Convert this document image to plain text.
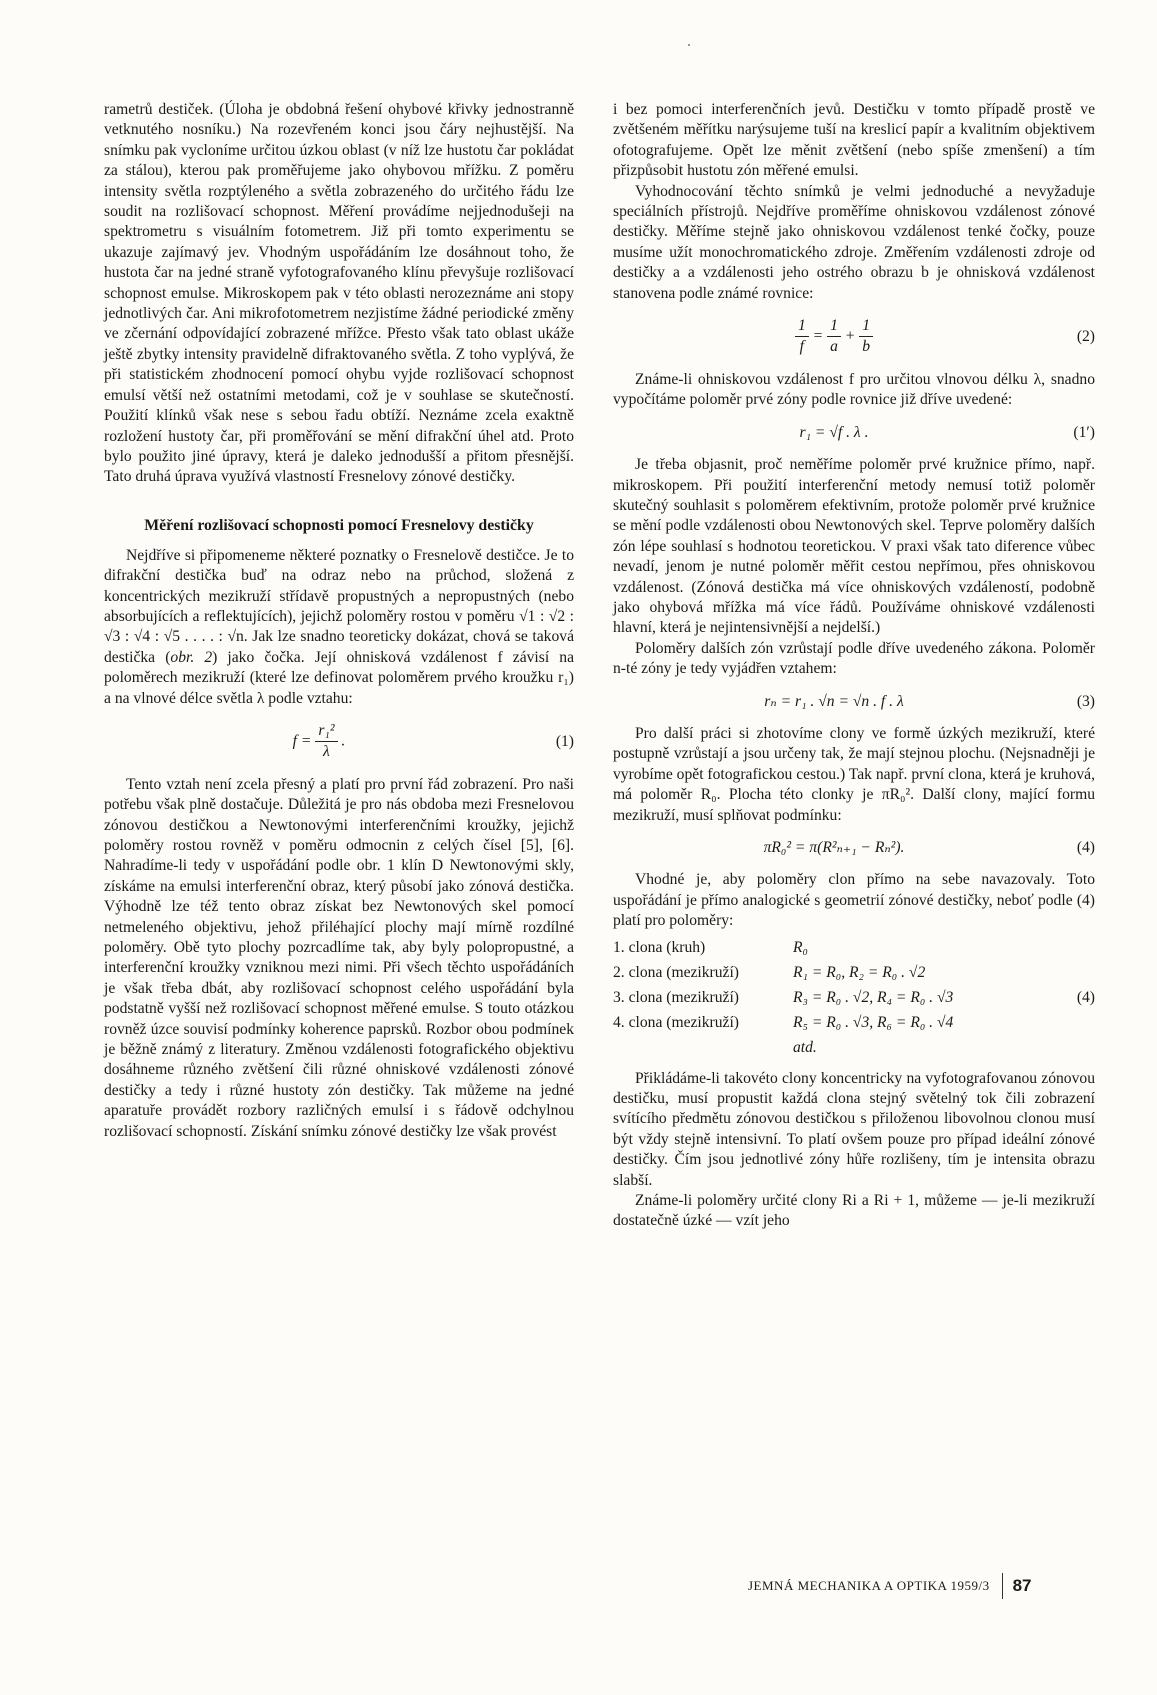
rametrů destiček. (Úloha je obdobná řešení ohybové křivky jednostranně vetknutého nosníku.) Na rozevřeném konci jsou čáry nejhustější. Na snímku pak vycloníme určitou úzkou oblast (v níž lze hustotu čar pokládat za stálou), kterou pak proměřujeme jako ohybovou mřížku. Z poměru intensity světla rozptýleného a světla zobrazeného do určitého řádu lze soudit na rozlišovací schopnost. Měření provádíme nejjednodušeji na spektrometru s visuálním fotometrem. Již při tomto experimentu se ukazuje zajímavý jev. Vhodným uspořádáním lze dosáhnout toho, že hustota čar na jedné straně vyfotografovaného klínu převyšuje rozlišovací schopnost emulse. Mikroskopem pak v této oblasti nerozeznáme ani stopy jednotlivých čar. Ani mikrofotometrem nezjistíme žádné periodické změny ve zčernání odpovídající zobrazené mřížce. Přesto však tato oblast ukáže ještě zbytky intensity pravidelně difraktovaného světla. Z toho vyplývá, že při statistickém zhodnocení pomocí ohybu vyjde rozlišovací schopnost emulsí větší než ostatními metodami, což je v souhlase se skutečností. Použití klínků však nese s sebou řadu obtíží. Neznáme zcela exaktně rozložení hustoty čar, při proměřování se mění difrakční úhel atd. Proto bylo použito jiné úpravy, která je daleko jednodušší a přitom přesnější. Tato druhá úprava využívá vlastností Fresnelovy zónové destičky.

Měření rozlišovací schopnosti pomocí Fresnelovy destičky

Nejdříve si připomeneme některé poznatky o Fresnelově destičce. Je to difrakční destička buď na odraz nebo na průchod, složená z koncentrických mezikruží střídavě propustných a nepropustných (nebo absorbujících a reflektujících), jejichž poloměry rostou v poměru √1 : √2 : √3 : √4 : √5 . . . . : √n. Jak lze snadno teoreticky dokázat, chová se taková destička (obr. 2) jako čočka. Její ohnisková vzdálenost f závisí na poloměrech mezikruží (které lze definovat poloměrem prvého kroužku r₁) a na vlnové délce světla λ podle vztahu:

$f = \frac{\text{r₁²}}{\lambda}$ .	(1)

Tento vztah není zcela přesný a platí pro první řád zobrazení. Pro naši potřebu však plně dostačuje. Důležitá je pro nás obdoba mezi Fresnelovou zónovou destičkou a Newtonovými interferenčními kroužky, jejichž poloměry rostou rovněž v poměru odmocnin z celých čísel [5], [6]. Nahradíme-li tedy v uspořádání podle obr. 1 klín D Newtonovými skly, získáme na emulsi interferenční obraz, který působí jako zónová destička. Výhodně lze též tento obraz získat bez Newtonových skel pomocí netmeleného objektivu, jehož přiléhající plochy mají mírně rozdílné poloměry. Obě tyto plochy pozrcadlíme tak, aby byly polopropustné, a interferenční kroužky vzniknou mezi nimi. Při všech těchto uspořádáních je však třeba dbát, aby rozlišovací schopnost celého uspořádání byla podstatně vyšší než rozlišovací schopnost měřené emulse. S touto otázkou rovněž úzce souvisí podmínky koherence paprsků. Rozbor obou podmínek je běžně známý z literatury. Změnou vzdálenosti fotografického objektivu dosáhneme různého zvětšení čili různé ohniskové vzdálenosti zónové destičky a tedy i různé hustoty zón destičky. Tak můžeme na jedné aparatuře provádět rozbory različných emulsí i s řádově odchylnou rozlišovací schopností. Získání snímku zónové destičky lze však provést

i bez pomoci interferenčních jevů. Destičku v tomto případě prostě ve zvětšeném měřítku narýsujeme tuší na kreslicí papír a kvalitním objektivem ofotografujeme. Opět lze měnit zvětšení (nebo spíše zmenšení) a tím přizpůsobit hustotu zón měřené emulsi.

Vyhodnocování těchto snímků je velmi jednoduché a nevyžaduje speciálních přístrojů. Nejdříve proměříme ohniskovou vzdálenost zónové destičky. Měříme stejně jako ohniskovou vzdálenost tenké čočky, pouze musíme užít monochromatického zdroje. Změřením vzdálenosti zdroje od destičky a a vzdálenosti jeho ostrého obrazu b je ohnisková vzdálenost stanovena podle známé rovnice:

$\frac{1}{f} = \frac{1}{a} + \frac{1}{b}$	(2)

Známe-li ohniskovou vzdálenost f pro určitou vlnovou délku λ, snadno vypočítáme poloměr prvé zóny podle rovnice již dříve uvedené:

r₁ = √f . λ .	(1′)

Je třeba objasnit, proč neměříme poloměr prvé kružnice přímo, např. mikroskopem. Při použití interferenční metody nemusí totiž poloměr skutečný souhlasit s poloměrem efektivním, protože poloměr prvé kružnice se mění podle vzdálenosti obou Newtonových skel. Teprve poloměry dalších zón lépe souhlasí s hodnotou teoretickou. V praxi však tato diference vůbec nevadí, jenom je nutné poloměr měřit cestou nepřímou, přes ohniskovou vzdálenost. (Zónová destička má více ohniskových vzdáleností, podobně jako ohybová mřížka má více řádů. Používáme ohniskové vzdálenosti hlavní, která je nejintensivnější a nejdelší.)

Poloměry dalších zón vzrůstají podle dříve uvedeného zákona. Poloměr n-té zóny je tedy vyjádřen vztahem:

rₙ = r₁ . √n = √n . f . λ	(3)

Pro další práci si zhotovíme clony ve formě úzkých mezikruží, které postupně vzrůstají a jsou určeny tak, že mají stejnou plochu. (Nejsnadněji je vyrobíme opět fotografickou cestou.) Tak např. první clona, která je kruhová, má poloměr R₀. Plocha této clonky je πR₀². Další clony, mající formu mezikruží, musí splňovat podmínku:

πR₀² = π(R²ₙ₊₁ − Rₙ²).	(4)

Vhodné je, aby poloměry clon přímo na sebe navazovaly. Toto uspořádání je přímo analogické s geometrií zónové destičky, neboť podle (4) platí pro poloměry:

1. clona (kruh)	R₀
2. clona (mezikruží)	R₁ = R₀, R₂ = R₀ . √2
3. clona (mezikruží)	R₃ = R₀ . √2, R₄ = R₀ . √3	(4)
4. clona (mezikruží)	R₅ = R₀ . √3, R₆ = R₀ . √4
atd.

Přikládáme-li takovéto clony koncentricky na vyfotografovanou zónovou destičku, musí propustit každá clona stejný světelný tok čili zobrazení svítícího předmětu zónovou destičkou s přiloženou libovolnou clonou musí být vždy stejně intensivní. To platí ovšem pouze pro případ ideální zónové destičky. Čím jsou jednotlivé zóny hůře rozlišeny, tím je intensita obrazu slabší.

Známe-li poloměry určité clony Ri a Ri + 1, můžeme — je-li mezikruží dostatečně úzké — vzít jeho

JEMNÁ MECHANIKA A OPTIKA 1959/3 87
